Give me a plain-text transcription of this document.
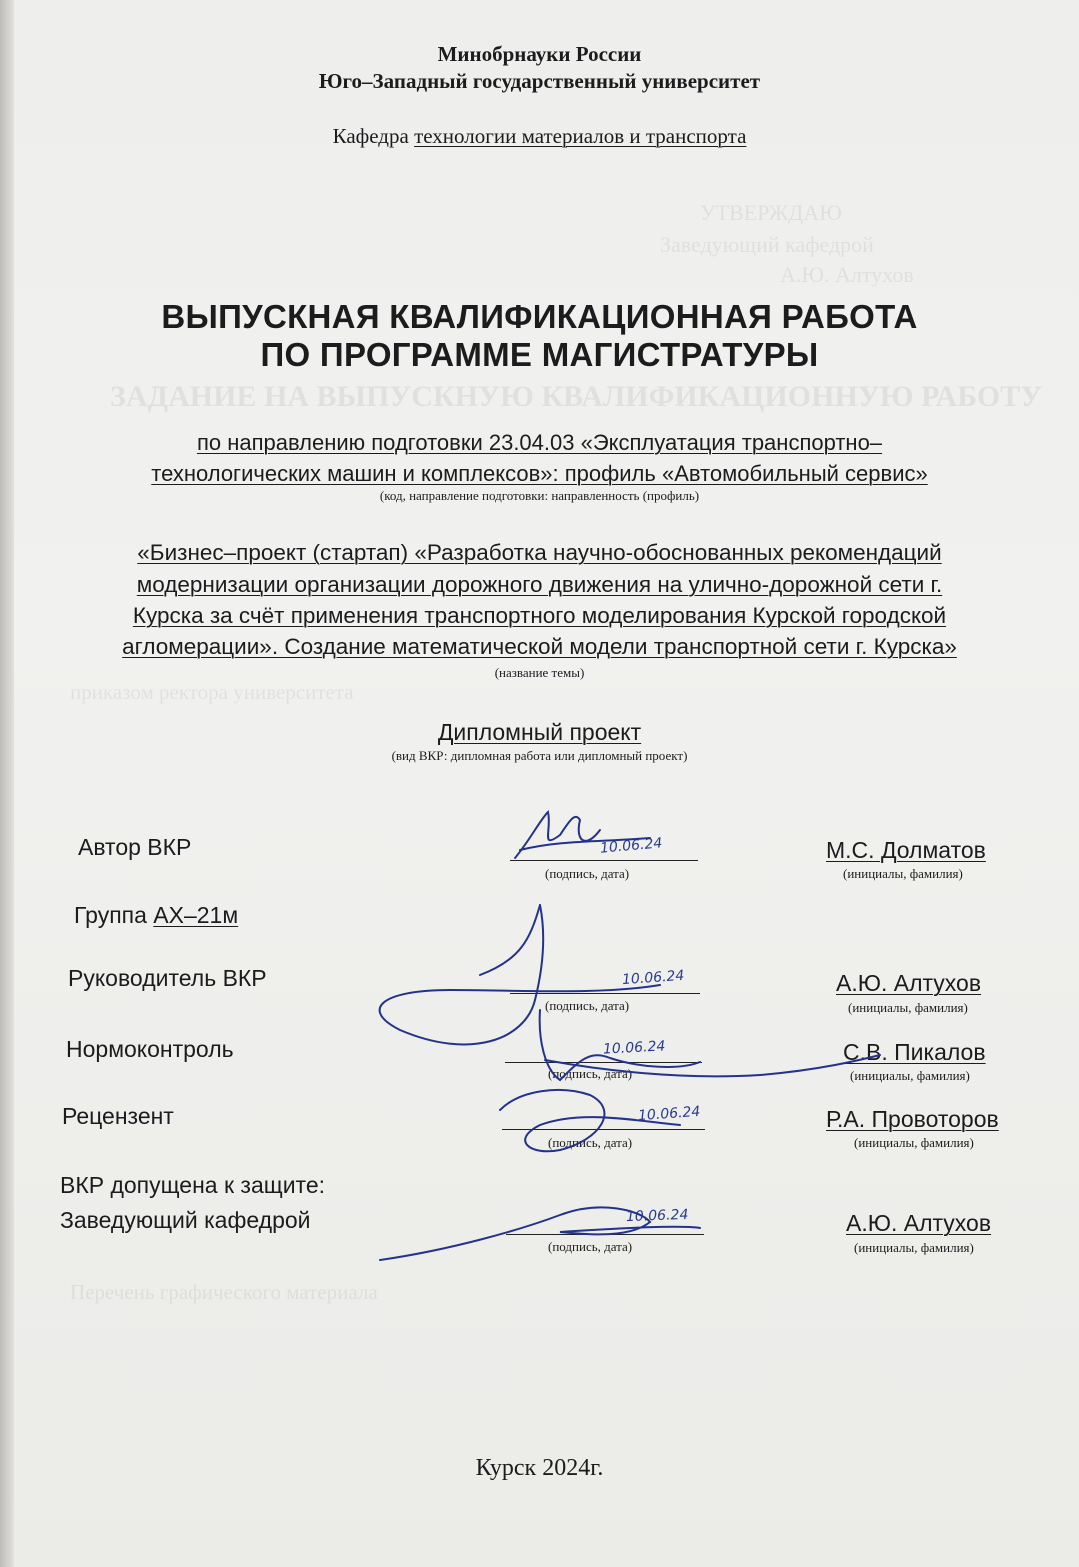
УТВЕРЖДАЮ
Заведующий кафедрой
А.Ю. Алтухов
ЗАДАНИЕ НА ВЫПУСКНУЮ КВАЛИФИКАЦИОННУЮ РАБОТУ
приказом ректора университета
Перечень графического материала
Минобрнауки России
Юго–Западный государственный университет
Кафедра технологии материалов и транспорта
ВЫПУСКНАЯ КВАЛИФИКАЦИОННАЯ РАБОТА
ПО ПРОГРАММЕ МАГИСТРАТУРЫ
по направлению подготовки 23.04.03 «Эксплуатация транспортно–
технологических машин и комплексов»: профиль «Автомобильный сервис»
(код, направление подготовки: направленность (профиль)
«Бизнес–проект (стартап) «Разработка научно-обоснованных рекомендаций
модернизации организации дорожного движения на улично-дорожной сети г.
Курска за счёт применения транспортного моделирования Курской городской
агломерации». Создание математической модели транспортной сети г. Курска»
(название темы)
Дипломный проект
(вид ВКР: дипломная работа или дипломный проект)
Автор ВКР
(подпись, дата)
М.С. Долматов
(инициалы, фамилия)
10.06.24
Группа АХ–21м
Руководитель ВКР
(подпись, дата)
А.Ю. Алтухов
(инициалы, фамилия)
10.06.24
Нормоконтроль
(подпись, дата)
С.В. Пикалов
(инициалы, фамилия)
10.06.24
Рецензент
(подпись, дата)
Р.А. Провоторов
(инициалы, фамилия)
10.06.24
ВКР допущена к защите:
Заведующий кафедрой
(подпись, дата)
А.Ю. Алтухов
(инициалы, фамилия)
10.06.24
Курск 2024г.
